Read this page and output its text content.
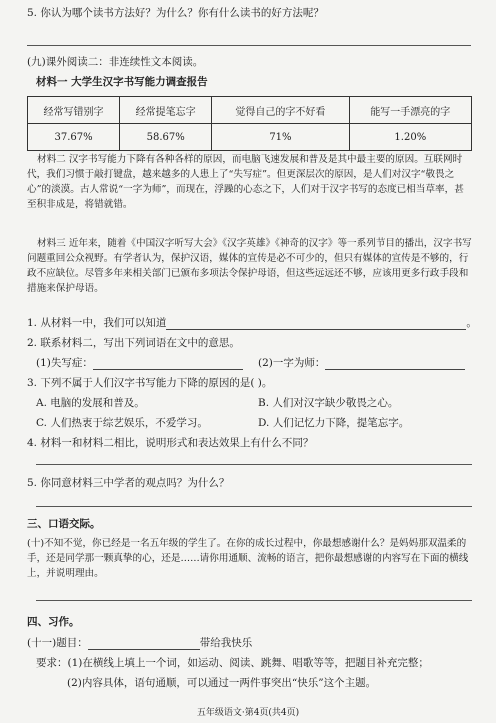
5. 你认为哪个读书方法好？为什么？你有什么读书的好方法呢？
(九)课外阅读二：非连续性文本阅读。
材料一 大学生汉字书写能力调查报告
经常写错别字	经常提笔忘字	觉得自己的字不好看	能写一手漂亮的字
37.67%	58.67%	71%	1.20%
材料二 汉字书写能力下降有各种各样的原因，而电脑飞速发展和普及是其中最主要的原因。互联网时代，我们习惯于敲打键盘，越来越多的人患上了“失写症”。但更深层次的原因，是人们对汉字“敬畏之心”的淡漠。古人常说“一字为师”，而现在，浮躁的心态之下，人们对于汉字书写的态度已相当草率，甚至积非成是，将错就错。
材料三 近年来，随着《中国汉字听写大会》《汉字英雄》《神奇的汉字》等一系列节目的播出，汉字书写问题重回公众视野。有学者认为，保护汉语，媒体的宣传是必不可少的，但只有媒体的宣传是不够的，行政不应缺位。尽管多年来相关部门已颁布多项法令保护母语，但这些远远还不够，应该用更多行政手段和措施来保护母语。
1. 从材料一中，我们可以知道	。
2. 联系材料二，写出下列词语在文中的意思。
(1)失写症：	(2)一字为师：
3. 下列不属于人们汉字书写能力下降的原因的是( )。
A. 电脑的发展和普及。	B. 人们对汉字缺少敬畏之心。
C. 人们热衷于综艺娱乐，不爱学习。	D. 人们记忆力下降，提笔忘字。
4. 材料一和材料二相比，说明形式和表达效果上有什么不同？
5. 你同意材料三中学者的观点吗？为什么？
三、口语交际。
(十)不知不觉，你已经是一名五年级的学生了。在你的成长过程中，你最想感谢什么？是妈妈那双温柔的手，还是同学那一颗真挚的心，还是……请你用通顺、流畅的语言，把你最想感谢的内容写在下面的横线上，并说明理由。
四、习作。
(十一)题目：	带给我快乐
要求：(1)在横线上填上一个词，如运动、阅读、跳舞、唱歌等等，把题目补充完整；
(2)内容具体，语句通顺，可以通过一两件事突出“快乐”这个主题。
五年级语文·第4页(共4页)
